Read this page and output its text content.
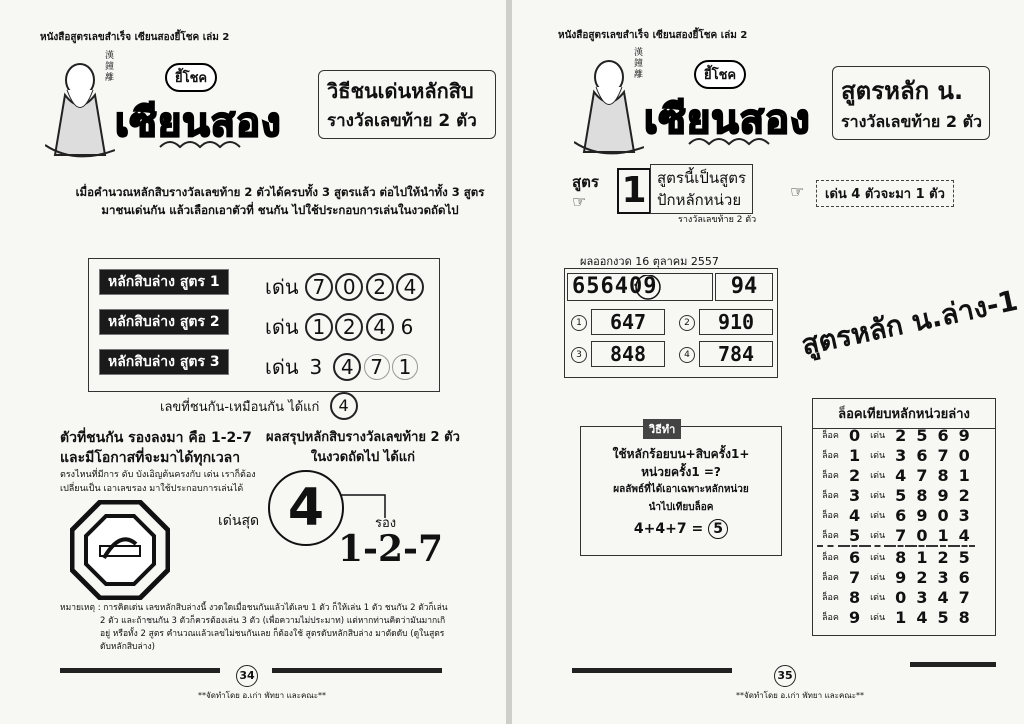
หนังสือสูตรเลขสำเร็จ เซียนสองยี้โชค เล่ม 2
漢鐘離	ยี้โชค
เซียนสอง
วิธีชนเด่นหลักสิบ
รางวัลเลขท้าย 2 ตัว
เมื่อคำนวณหลักสิบรางวัลเลขท้าย 2 ตัวได้ครบทั้ง 3 สูตรแล้ว ต่อไปให้นำทั้ง 3 สูตร
มาชนเด่นกัน แล้วเลือกเอาตัวที่ ชนกัน ไปใช้ประกอบการเล่นในงวดถัดไป
หลักสิบล่าง สูตร 1	เด่น 7 0 2 4
หลักสิบล่าง สูตร 2	เด่น 1 2 4 6
หลักสิบล่าง สูตร 3	เด่น 3 4 7 1
เลขที่ชนกัน-เหมือนกัน ได้แก่ 4
ตัวที่ชนกัน รองลงมา คือ 1-2-7
และมีโอกาสที่จะมาได้ทุกเวลา
ผลสรุปหลักสิบรางวัลเลขท้าย 2 ตัว
ในงวดถัดไป ได้แก่
ตรงไหนที่มีการ ดับ บังเอิญต้นครงกับ เด่น เราก็ต้อง
เปลี่ยนเป็น เอาเลขรอง มาใช้ประกอบการเล่นได้
เด่นสุด 4	รอง
1-2-7
หมายเหตุ : การคิดเด่น เลขหลักสิบล่างนี้ งวดใดเมื่อชนกันแล้วได้เลข 1 ตัว ก็ให้เล่น 1 ตัว ชนกัน 2 ตัวก็เล่น
2 ตัว และถ้าชนกัน 3 ตัวก็ควรต้องเล่น 3 ตัว (เพื่อความไม่ประมาท) แต่หากท่านคิดว่ามันมากเกิ
อยู่ หรือทั้ง 2 สูตร คำนวณแล้วเลขไม่ชนกันเลย ก็ต้องใช้ สูตรดับหลักสิบล่าง มาตัดดับ (ดูในสูตร
ดับหลักสิบล่าง)
34
**จัดทำโดย อ.เก่า พัทยา และคณะ**
หนังสือสูตรเลขสำเร็จ เซียนสองยี้โชค เล่ม 2
漢鐘離	ยี้โชค
เซียนสอง
สูตรหลัก น.
รางวัลเลขท้าย 2 ตัว
สูตร
☞ 1 สูตรนี้เป็นสูตร
ปักหลักหน่วย
รางวัลเลขท้าย 2 ตัว
☞	เด่น 4 ตัวจะมา 1 ตัว
ผลออกงวด 16 ตุลาคม 2557
656409	94
1	647	2	910
3	848	4	784	สูตรหลัก น.ล่าง-1
วิธีทำ
ใช้หลักร้อยบน+สิบครั้ง1+
หน่วยครั้ง1 =?
ผลลัพธ์ที่ได้เอาเฉพาะหลักหน่วย
นำไปเทียบล็อค
4+4+7 = 5
ล็อคเทียบหลักหน่วยล่าง
ล็อค	0	เด่น	2	5	6	9
ล็อค	1	เด่น	3	6	7	0
ล็อค	2	เด่น	4	7	8	1
ล็อค	3	เด่น	5	8	9	2
ล็อค	4	เด่น	6	9	0	3
ล็อค	5	เด่น	7	0	1	4
ล็อค	6	เด่น	8	1	2	5
ล็อค	7	เด่น	9	2	3	6
ล็อค	8	เด่น	0	3	4	7
ล็อค	9	เด่น	1	4	5	8
35
**จัดทำโดย อ.เก่า พัทยา และคณะ**
